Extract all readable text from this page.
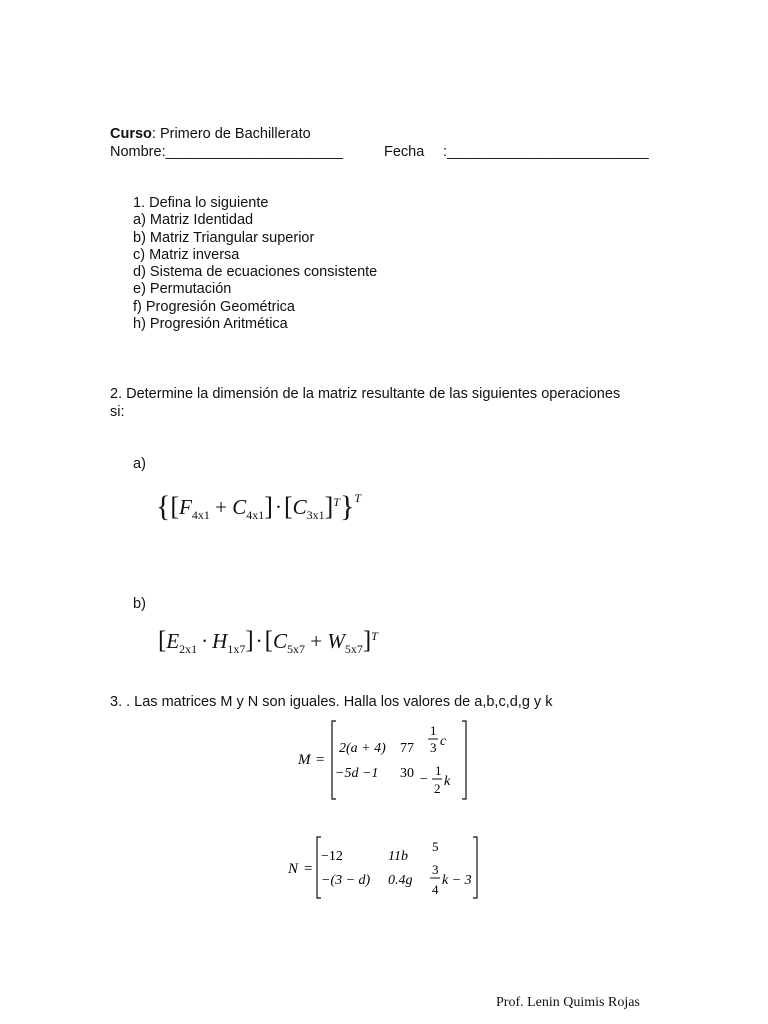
Curso: Primero de Bachillerato
Nombre:______________________	Fecha :_________________________
1. Defina lo siguiente
a) Matriz Identidad
b) Matriz Triangular superior
c) Matriz inversa
d) Sistema de ecuaciones consistente
e) Permutación
f) Progresión Geométrica
h) Progresión Aritmética
2. Determine la dimensión de la matriz resultante de las siguientes operaciones
si:
a)
$\{[F_{4x1} + C_{4x1}]\cdot[C_{3x1}]^T\}^T$
b)
$[E_{2x1} \cdot H_{1x7}]\cdot[C_{5x7} + W_{5x7}]^T$
3. . Las matrices M y N son iguales. Halla los valores de a,b,c,d,g y k
M =
2(a + 4) 77
1
3 c
−5d −1 30 −
1
2 k
N =
−12	11b
5
−(3 − d) 0.4g
3
4
k − 3
Prof. Lenin Quimis Rojas
